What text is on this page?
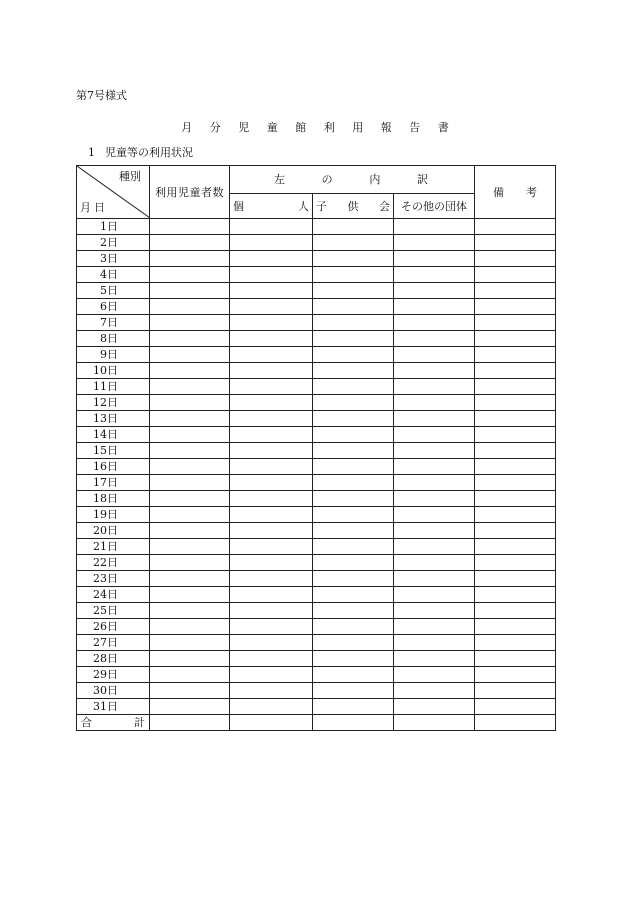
第7号様式
月 分 児 童 館 利 用 報 告 書
1 児童等の利用状況
種別
月日	利用児童者数	左 の 内 訳			備 考

		個 人	子 供 会	その他の団体	
1日					
2日					
3日					
4日					
5日					
6日					
7日					
8日					
9日					
10日					
11日					
12日					
13日					
14日					
15日					
16日					
17日					
18日					
19日					
20日					
21日					
22日					
23日					
24日					
25日					
26日					
27日					
28日					
29日					
30日					
31日					

合 計					
